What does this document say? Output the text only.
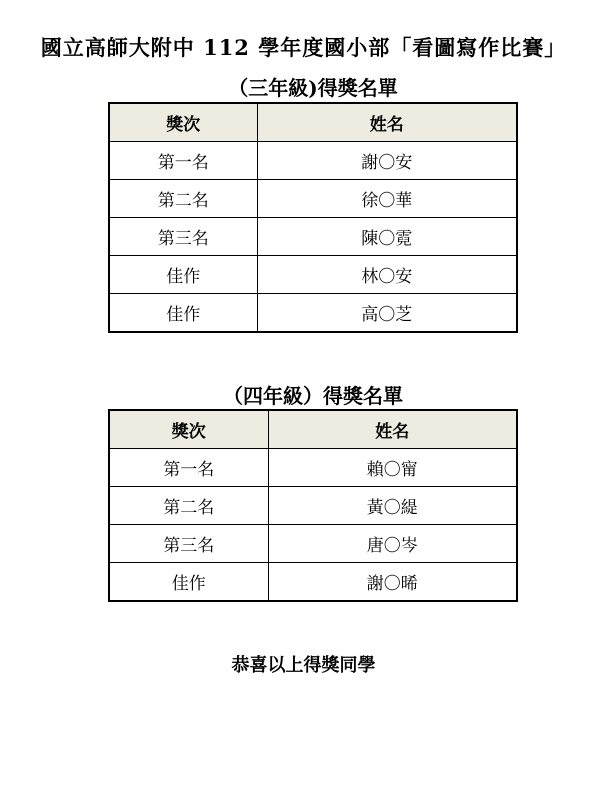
國立高師大附中 112 學年度國小部「看圖寫作比賽」
（三年級)得獎名單
獎次	姓名
第一名	謝〇安
第二名	徐〇華
第三名	陳〇霓
佳作	林〇安
佳作	高〇芝
（四年級）得獎名單
獎次	姓名
第一名	賴〇甯
第二名	黃〇緹
第三名	唐〇岑
佳作	謝〇晞
恭喜以上得獎同學
